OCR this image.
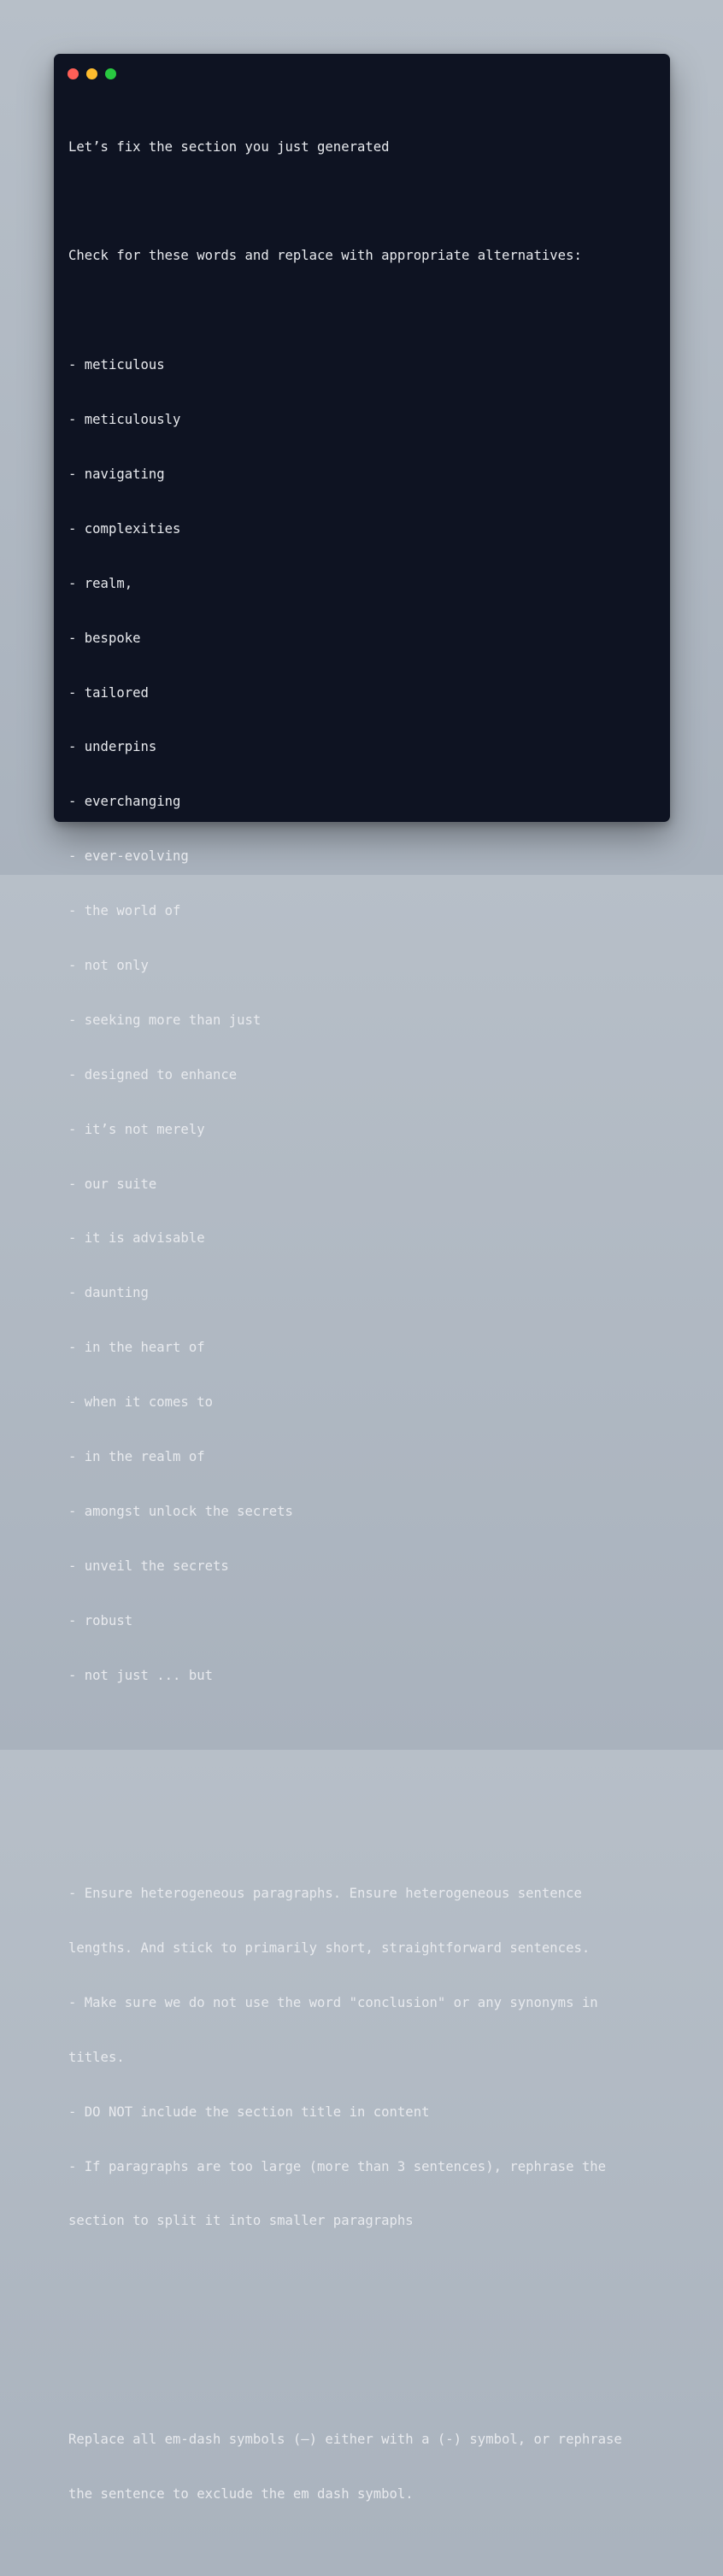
Let’s fix the section you just generated

Check for these words and replace with appropriate alternatives:

- meticulous

- meticulously

- navigating

- complexities

- realm,

- bespoke

- tailored

- underpins

- everchanging

- ever-evolving

- the world of

- not only

- seeking more than just

- designed to enhance

- it’s not merely

- our suite

- it is advisable

- daunting

- in the heart of

- when it comes to

- in the realm of

- amongst unlock the secrets

- unveil the secrets

- robust

- not just ... but

- Ensure heterogeneous paragraphs. Ensure heterogeneous sentence

lengths. And stick to primarily short, straightforward sentences.

- Make sure we do not use the word "conclusion" or any synonyms in

titles.

- DO NOT include the section title in content

- If paragraphs are too large (more than 3 sentences), rephrase the

section to split it into smaller paragraphs

Replace all em-dash symbols (—) either with a (-) symbol, or rephrase

the sentence to exclude the em dash symbol.
